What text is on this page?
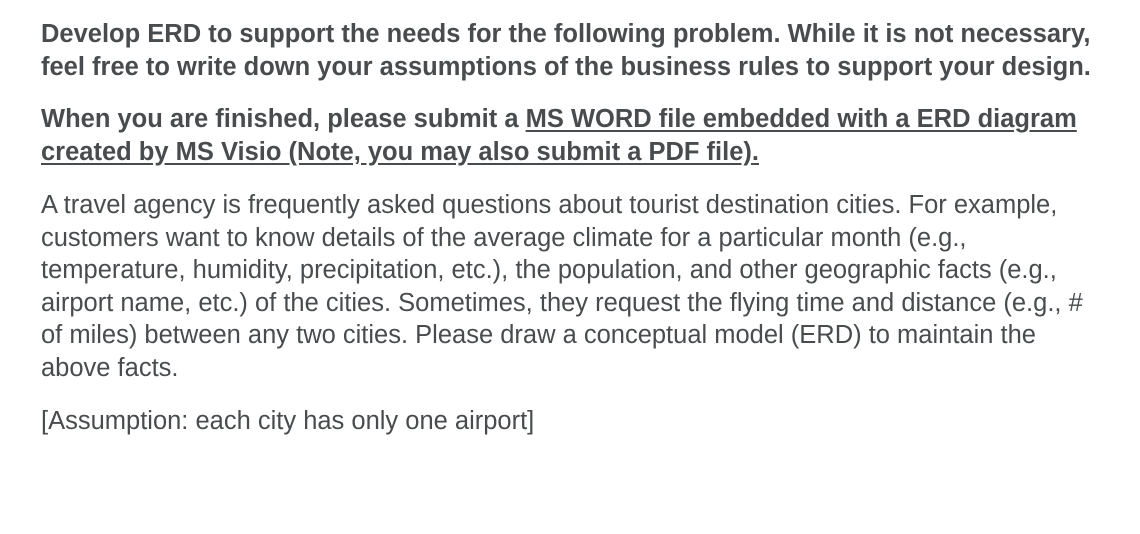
Develop ERD to support the needs for the following problem. While it is not necessary, feel free to write down your assumptions of the business rules to support your design.

When you are finished, please submit a MS WORD file embedded with a ERD diagram created by MS Visio (Note, you may also submit a PDF file).

A travel agency is frequently asked questions about tourist destination cities. For example, customers want to know details of the average climate for a particular month (e.g., temperature, humidity, precipitation, etc.), the population, and other geographic facts (e.g., airport name, etc.) of the cities. Sometimes, they request the flying time and distance (e.g., # of miles) between any two cities. Please draw a conceptual model (ERD) to maintain the above facts.

[Assumption: each city has only one airport]
